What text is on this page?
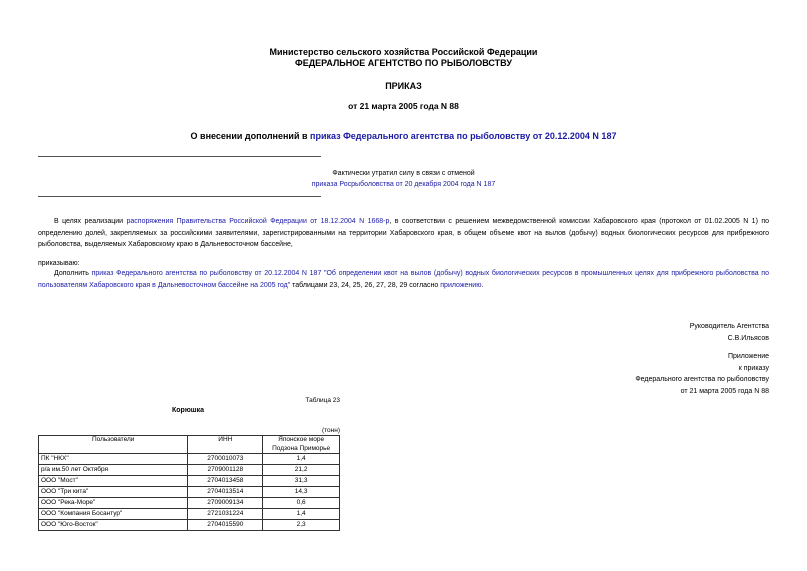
Министерство сельского хозяйства Российской Федерации
ФЕДЕРАЛЬНОЕ АГЕНТСТВО ПО РЫБОЛОВСТВУ
ПРИКАЗ
от 21 марта 2005 года N 88
О внесении дополнений в приказ Федерального агентства по рыболовству от 20.12.2004 N 187
Фактически утратил силу в связи с отменой
приказа Росрыболовства от 20 декабря 2004 года N 187
В целях реализации распоряжения Правительства Российской Федерации от 18.12.2004 N 1668-р, в соответствии с решением межведомственной комиссии Хабаровского края (протокол от 01.02.2005 N 1) по определению долей, закрепляемых за российскими заявителями, зарегистрированными на территории Хабаровского края, в общем объеме квот на вылов (добычу) водных биологических ресурсов для прибрежного рыболовства, выделяемых Хабаровскому краю в Дальневосточном бассейне,
приказываю:
Дополнить приказ Федерального агентства по рыболовству от 20.12.2004 N 187 "Об определении квот на вылов (добычу) водных биологических ресурсов в промышленных целях для прибрежного рыболовства по пользователям Хабаровского края в Дальневосточном бассейне на 2005 год" таблицами 23, 24, 25, 26, 27, 28, 29 согласно приложению.
Руководитель Агентства
С.В.Ильясов
Приложение
к приказу
Федерального агентства по рыболовству
от 21 марта 2005 года N 88
Таблица 23
Корюшка
(тонн)
Пользователи	ИНН	Японское море
Подзона Приморье
ПК "НКХ"	2700010073	1,4
р/а им.50 лет Октября	2709001128	21,2
ООО "Мост"	2704013458	31,3
ООО "Три кита"	2704013514	14,3
ООО "Река-Море"	2709009134	0,6
ООО "Компания Босантур"	2721031224	1,4
ООО "Юго-Восток"	2704015590	2,3
